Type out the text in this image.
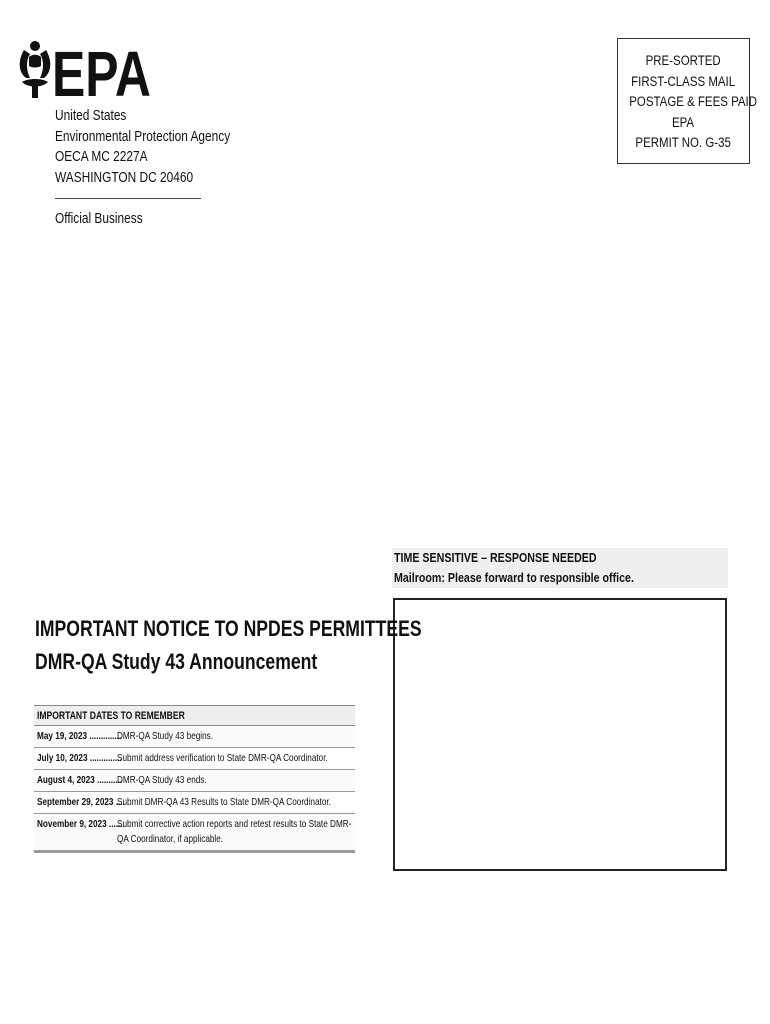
EPA
United States
Environmental Protection Agency
OECA MC 2227A
WASHINGTON DC 20460
Official Business
PRE-SORTED
FIRST-CLASS MAIL
POSTAGE & FEES PAID
EPA
PERMIT NO. G-35
TIME SENSITIVE – RESPONSE NEEDED
Mailroom: Please forward to responsible office.
IMPORTANT NOTICE TO NPDES PERMITTEES
DMR-QA Study 43 Announcement
IMPORTANT DATES TO REMEMBER
May 19, 2023 ..............
DMR-QA Study 43 begins.
July 10, 2023 ..............
Submit address verification to State DMR-QA Coordinator.
August 4, 2023 ...........
DMR-QA Study 43 ends.
September 29, 2023 ....
Submit DMR-QA 43 Results to State DMR-QA Coordinator.
November 9, 2023 .......
Submit corrective action reports and retest results to State DMR-QA Coordinator, if applicable.
